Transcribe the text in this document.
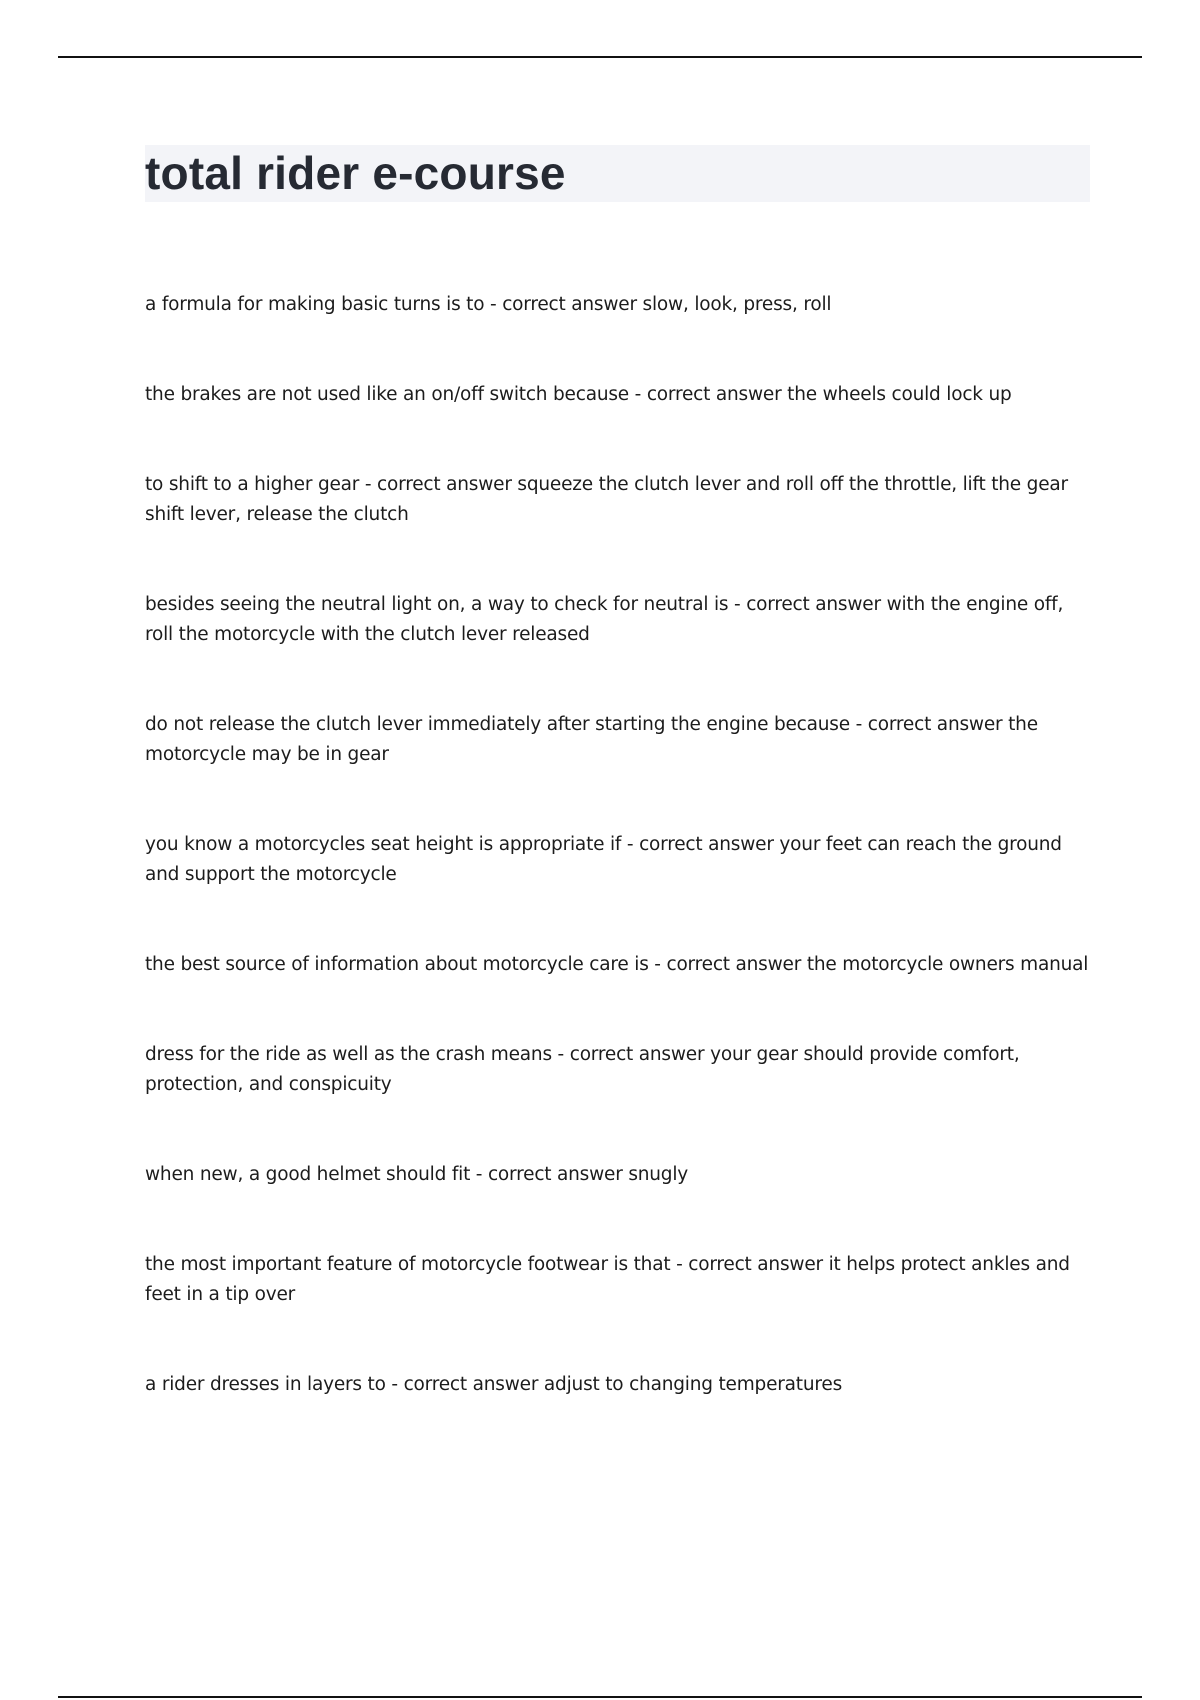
total rider e-course
a formula for making basic turns is to - correct answer slow, look, press, roll
the brakes are not used like an on/off switch because - correct answer the wheels could lock up
to shift to a higher gear - correct answer squeeze the clutch lever and roll off the throttle, lift the gear shift lever, release the clutch
besides seeing the neutral light on, a way to check for neutral is - correct answer with the engine off, roll the motorcycle with the clutch lever released
do not release the clutch lever immediately after starting the engine because - correct answer the motorcycle may be in gear
you know a motorcycles seat height is appropriate if - correct answer your feet can reach the ground and support the motorcycle
the best source of information about motorcycle care is - correct answer the motorcycle owners manual
dress for the ride as well as the crash means - correct answer your gear should provide comfort, protection, and conspicuity
when new, a good helmet should fit - correct answer snugly
the most important feature of motorcycle footwear is that - correct answer it helps protect ankles and feet in a tip over
a rider dresses in layers to - correct answer adjust to changing temperatures
